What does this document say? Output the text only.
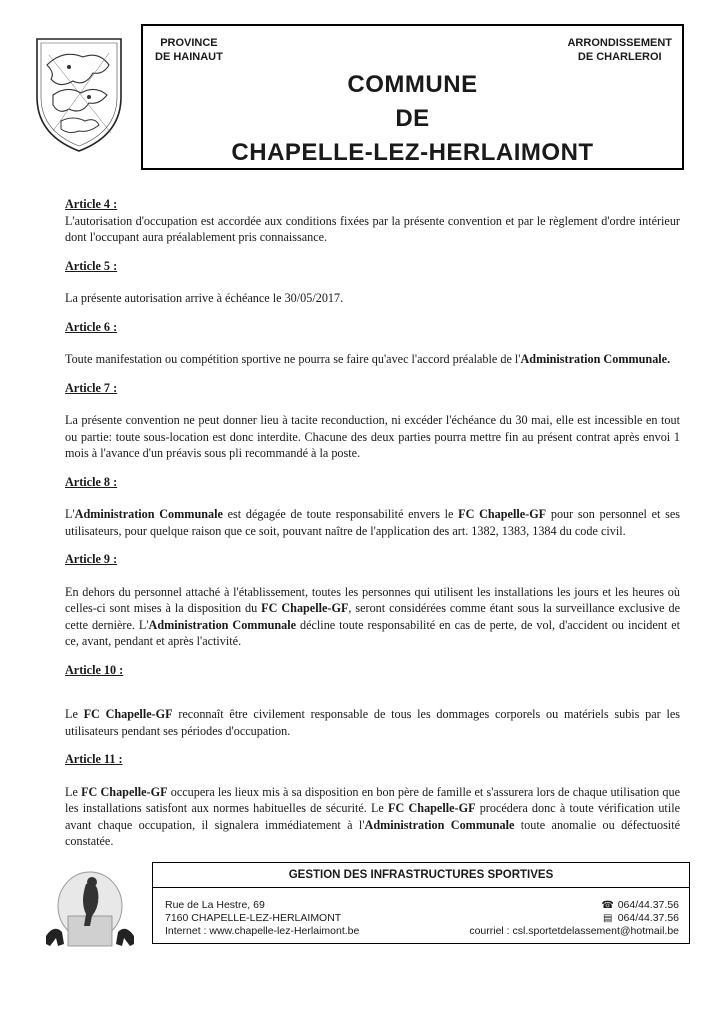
PROVINCE
DE HAINAUT
ARRONDISSEMENT
DE CHARLEROI
COMMUNE
DE
CHAPELLE-LEZ-HERLAIMONT
Article 4 :

L'autorisation d'occupation est accordée aux conditions fixées par la présente convention et par le règlement d'ordre intérieur dont l'occupant aura préalablement pris connaissance.

Article 5 :

La présente autorisation arrive à échéance le 30/05/2017.

Article 6 :

Toute manifestation ou compétition sportive ne pourra se faire qu'avec l'accord préalable de l'Administration Communale.

Article 7 :

La présente convention ne peut donner lieu à tacite reconduction, ni excéder l'échéance du 30 mai, elle est incessible en tout ou partie: toute sous-location est donc interdite. Chacune des deux parties pourra mettre fin au présent contrat après envoi 1 mois à l'avance d'un préavis sous pli recommandé à la poste.

Article 8 :

L'Administration Communale est dégagée de toute responsabilité envers le FC Chapelle-GF pour son personnel et ses utilisateurs, pour quelque raison que ce soit, pouvant naître de l'application des art. 1382, 1383, 1384 du code civil.

Article 9 :

En dehors du personnel attaché à l'établissement, toutes les personnes qui utilisent les installations les jours et les heures où celles-ci sont mises à la disposition du FC Chapelle-GF, seront considérées comme étant sous la surveillance exclusive de cette dernière. L'Administration Communale décline toute responsabilité en cas de perte, de vol, d'accident ou incident et ce, avant, pendant et après l'activité.

Article 10 :

Le FC Chapelle-GF reconnaît être civilement responsable de tous les dommages corporels ou matériels subis par les utilisateurs pendant ses périodes d'occupation.

Article 11 :

Le FC Chapelle-GF occupera les lieux mis à sa disposition en bon père de famille et s'assurera lors de chaque utilisation que les installations satisfont aux normes habituelles de sécurité. Le FC Chapelle-GF procédera donc à toute vérification utile avant chaque occupation, il signalera immédiatement à l'Administration Communale toute anomalie ou défectuosité constatée.

GESTION DES INFRASTRUCTURES SPORTIVES
Rue de La Hestre, 69
7160 CHAPELLE-LEZ-HERLAIMONT
Internet : www.chapelle-lez-Herlaimont.be
☎ 064/44.37.56
▤ 064/44.37.56
courriel : csl.sportetdelassement@hotmail.be
